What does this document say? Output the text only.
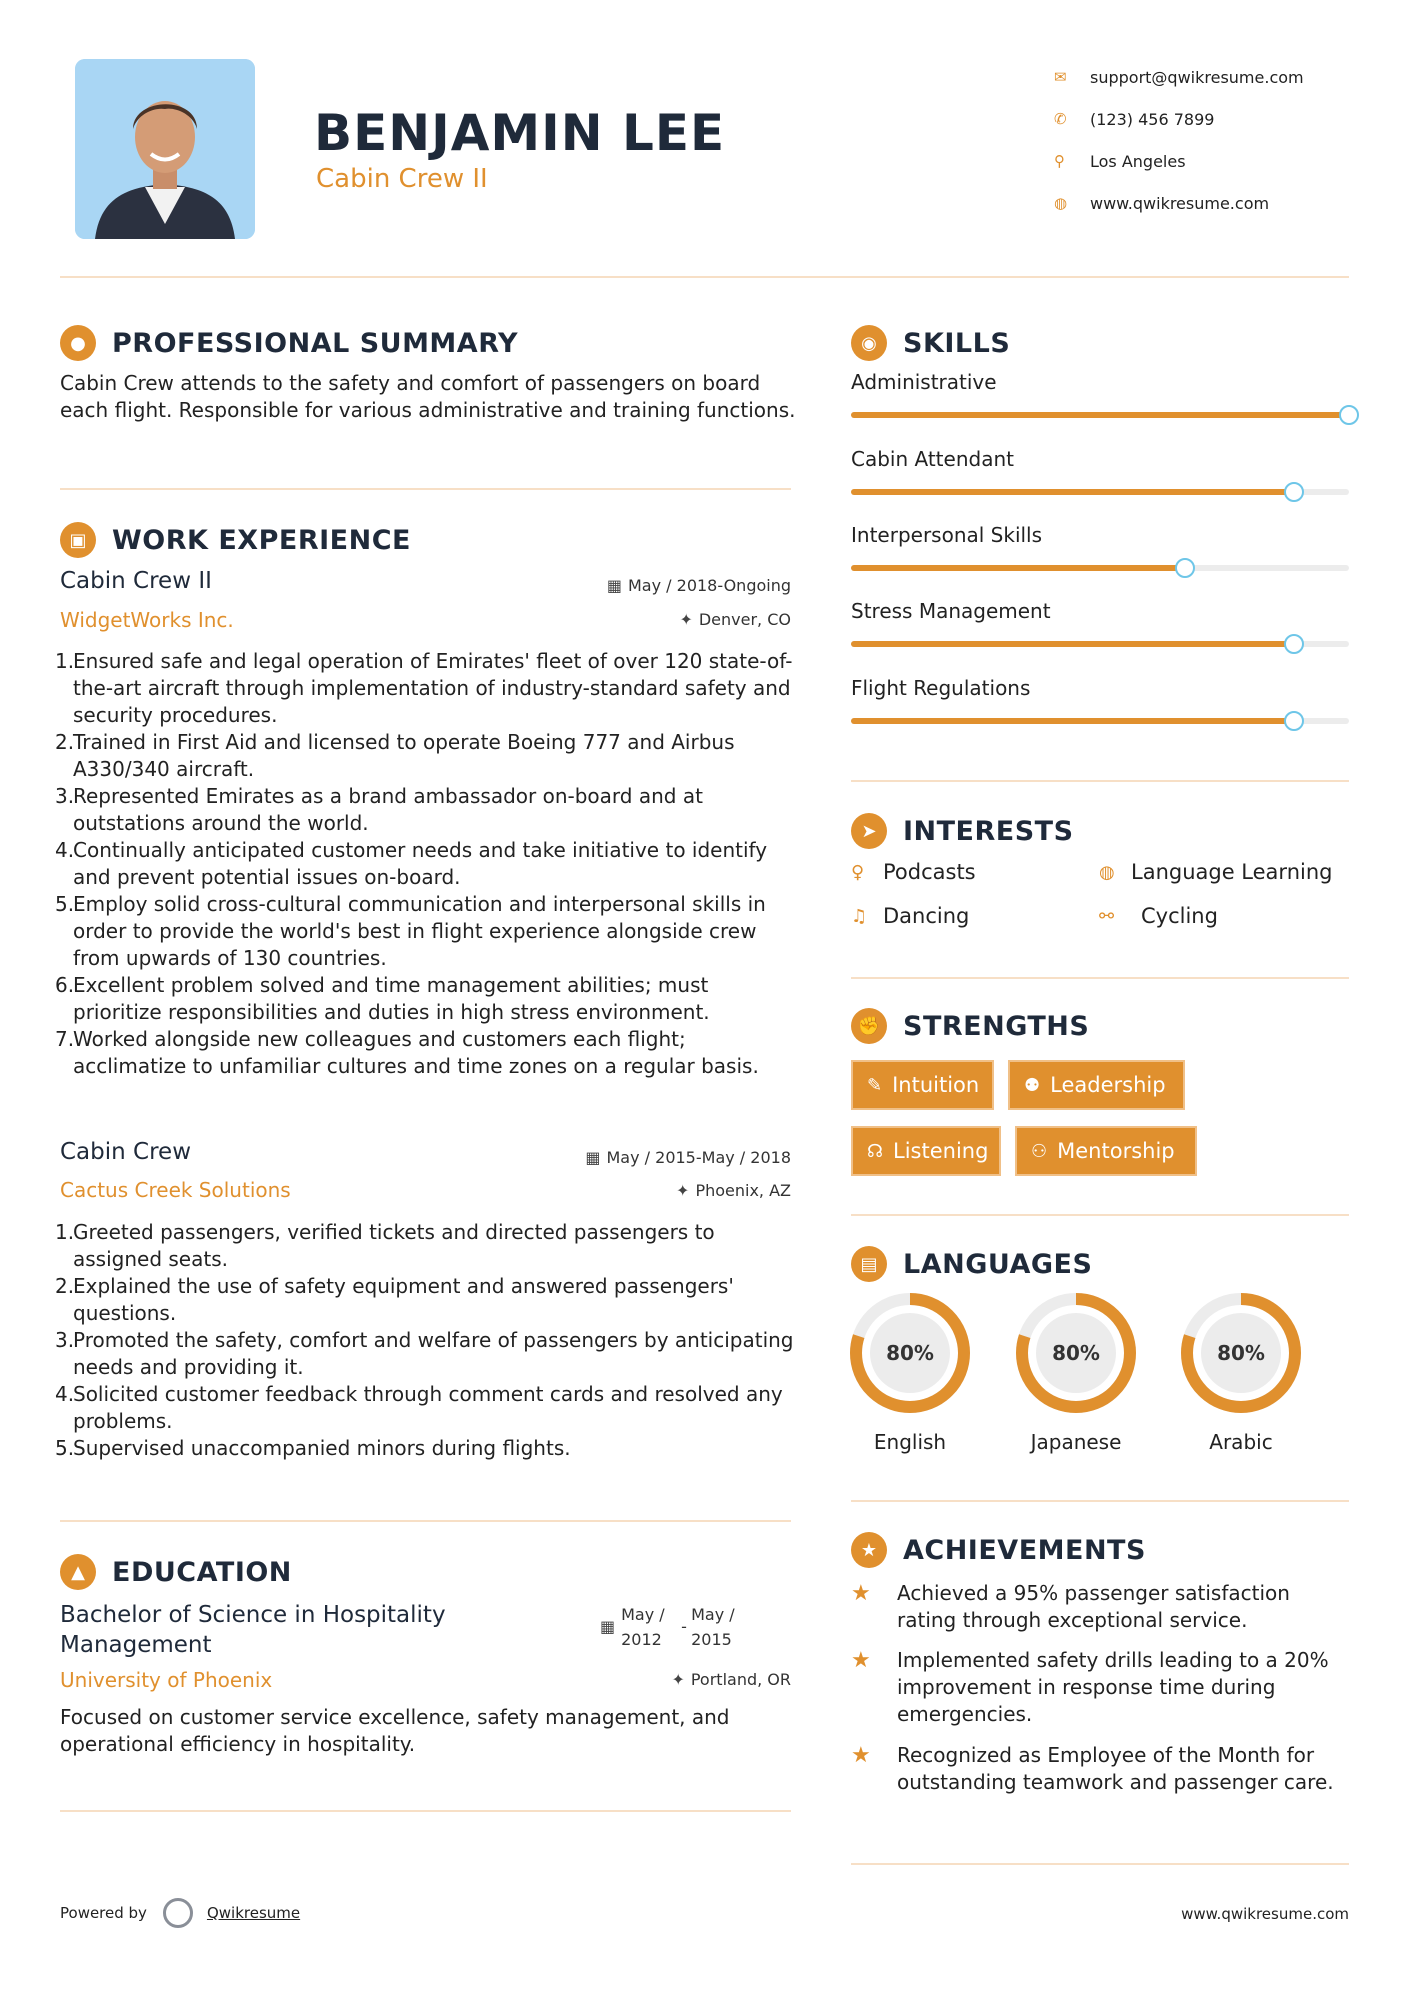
BENJAMIN LEE
Cabin Crew II
✉	support@qwikresume.com
✆	(123) 456 7899
⚲	Los Angeles
◍	www.qwikresume.com
● PROFESSIONAL SUMMARY
Cabin Crew attends to the safety and comfort of passengers on board each flight. Responsible for various administrative and training functions.
▣ WORK EXPERIENCE
Cabin Crew II	▦ May / 2018-Ongoing
WidgetWorks Inc.	✦ Denver, CO
1.
Ensured safe and legal operation of Emirates' fleet of over 120 state-of-the-art aircraft through implementation of industry-standard safety and security procedures.
2.
Trained in First Aid and licensed to operate Boeing 777 and Airbus A330/340 aircraft.
3.
Represented Emirates as a brand ambassador on-board and at outstations around the world.
4.
Continually anticipated customer needs and take initiative to identify and prevent potential issues on-board.
5.
Employ solid cross-cultural communication and interpersonal skills in order to provide the world's best in flight experience alongside crew from upwards of 130 countries.
6.
Excellent problem solved and time management abilities; must prioritize responsibilities and duties in high stress environment.
7.
Worked alongside new colleagues and customers each flight; acclimatize to unfamiliar cultures and time zones on a regular basis.
Cabin Crew	▦ May / 2015-May / 2018
Cactus Creek Solutions	✦ Phoenix, AZ
1.
Greeted passengers, verified tickets and directed passengers to assigned seats.
2.
Explained the use of safety equipment and answered passengers' questions.
3.
Promoted the safety, comfort and welfare of passengers by anticipating needs and providing it.
4.
Solicited customer feedback through comment cards and resolved any problems.
5.
Supervised unaccompanied minors during flights.
▲	EDUCATION
Bachelor of Science in Hospitality Management
▦
May / 2012
-
May / 2015
University of Phoenix	✦ Portland, OR
Focused on customer service excellence, safety management, and operational efficiency in hospitality.
◉ SKILLS
Administrative
Cabin Attendant
Interpersonal Skills
Stress Management
Flight Regulations
➤ INTERESTS
♀ Podcasts	◍ Language Learning
♫ Dancing	⚯	Cycling
✊ STRENGTHS
✎ Intuition ⚉ Leadership
☊ Listening ⚇ Mentorship
▤ LANGUAGES
80%
English
80%
Japanese
80%
Arabic
★ ACHIEVEMENTS
★	Achieved a 95% passenger satisfaction rating through exceptional service.
★	Implemented safety drills leading to a 20% improvement in response time during emergencies.
★	Recognized as Employee of the Month for outstanding teamwork and passenger care.
Powered by	Qwikresume	www.qwikresume.com
